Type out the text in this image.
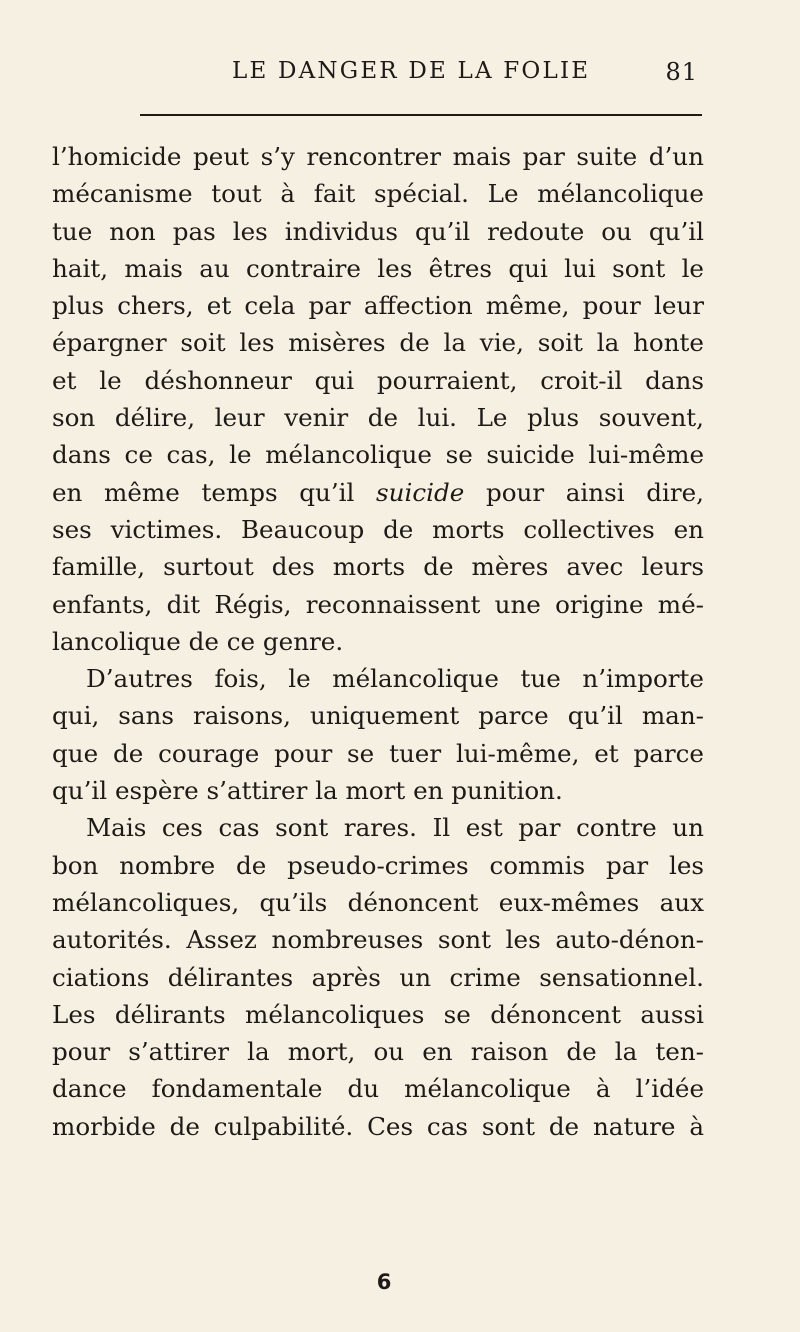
LE DANGER DE LA FOLIE	81
l’homicide peut s’y rencontrer mais par suite d’un
mécanisme tout à fait spécial. Le mélancolique
tue non pas les individus qu’il redoute ou qu’il
hait, mais au contraire les êtres qui lui sont le
plus chers, et cela par affection même, pour leur
épargner soit les misères de la vie, soit la honte
et le déshonneur qui pourraient, croit-il dans
son délire, leur venir de lui. Le plus souvent,
dans ce cas, le mélancolique se suicide lui-même
en même temps qu’il suicide pour ainsi dire,
ses victimes. Beaucoup de morts collectives en
famille, surtout des morts de mères avec leurs
enfants, dit Régis, reconnaissent une origine mé-
lancolique de ce genre.
D’autres fois, le mélancolique tue n’importe
qui, sans raisons, uniquement parce qu’il man-
que de courage pour se tuer lui-même, et parce
qu’il espère s’attirer la mort en punition.
Mais ces cas sont rares. Il est par contre un
bon nombre de pseudo-crimes commis par les
mélancoliques, qu’ils dénoncent eux-mêmes aux
autorités. Assez nombreuses sont les auto-dénon-
ciations délirantes après un crime sensationnel.
Les délirants mélancoliques se dénoncent aussi
pour s’attirer la mort, ou en raison de la ten-
dance fondamentale du mélancolique à l’idée
morbide de culpabilité. Ces cas sont de nature à
6
